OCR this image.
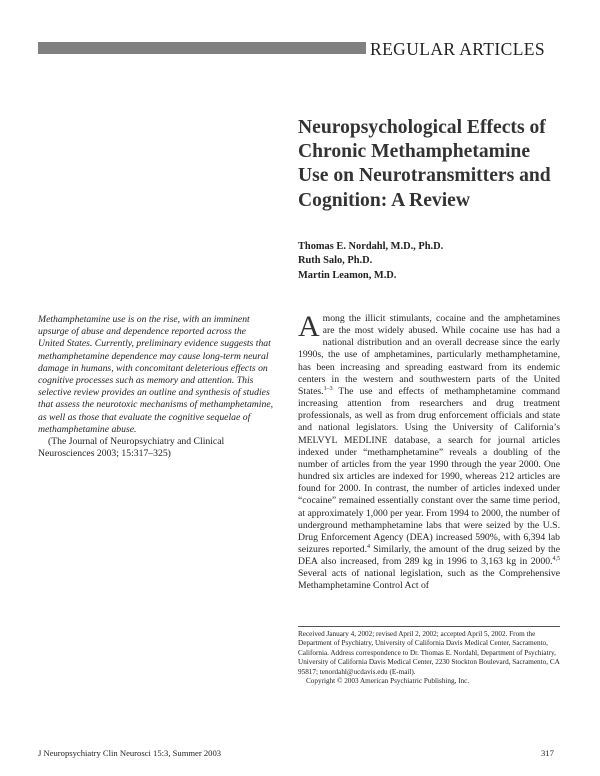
REGULAR ARTICLES
Neuropsychological Effects of Chronic Methamphetamine Use on Neurotransmitters and Cognition: A Review
Thomas E. Nordahl, M.D., Ph.D.
Ruth Salo, Ph.D.
Martin Leamon, M.D.

Methamphetamine use is on the rise, with an imminent upsurge of abuse and dependence reported across the United States. Currently, preliminary evidence suggests that methamphetamine dependence may cause long-term neural damage in humans, with concomitant deleterious effects on cognitive processes such as memory and attention. This selective review provides an outline and synthesis of studies that assess the neurotoxic mechanisms of methamphetamine, as well as those that evaluate the cognitive sequelae of methamphetamine abuse.

(The Journal of Neuropsychiatry and Clinical Neurosciences 2003; 15:317–325)

Among the illicit stimulants, cocaine and the amphetamines are the most widely abused. While cocaine use has had a national distribution and an overall decrease since the early 1990s, the use of amphetamines, particularly methamphetamine, has been increasing and spreading eastward from its endemic centers in the western and southwestern parts of the United States.$^{1-3}$ The use and effects of methamphetamine command increasing attention from researchers and drug treatment professionals, as well as from drug enforcement officials and state and national legislators. Using the University of California’s MELVYL MEDLINE database, a search for journal articles indexed under “methamphetamine” reveals a doubling of the number of articles from the year 1990 through the year 2000. One hundred six articles are indexed for 1990, whereas 212 articles are found for 2000. In contrast, the number of articles indexed under “cocaine” remained essentially constant over the same time period, at approximately 1,000 per year. From 1994 to 2000, the number of underground methamphetamine labs that were seized by the U.S. Drug Enforcement Agency (DEA) increased 590%, with 6,394 lab seizures reported.$^4$ Similarly, the amount of the drug seized by the DEA also increased, from 289 kg in 1996 to 3,163 kg in 2000.$^{4,5}$ Several acts of national legislation, such as the Comprehensive Methamphetamine Control Act of

Received January 4, 2002; revised April 2, 2002; accepted April 5, 2002. From the Department of Psychiatry, University of California Davis Medical Center, Sacramento, California. Address correspondence to Dr. Thomas E. Nordahl, Department of Psychiatry, University of California Davis Medical Center, 2230 Stockton Boulevard, Sacramento, CA 95817; tenordahl@ucdavis.edu (E-mail).

Copyright © 2003 American Psychiatric Publishing, Inc.

J Neuropsychiatry Clin Neurosci 15:3, Summer 2003	317
